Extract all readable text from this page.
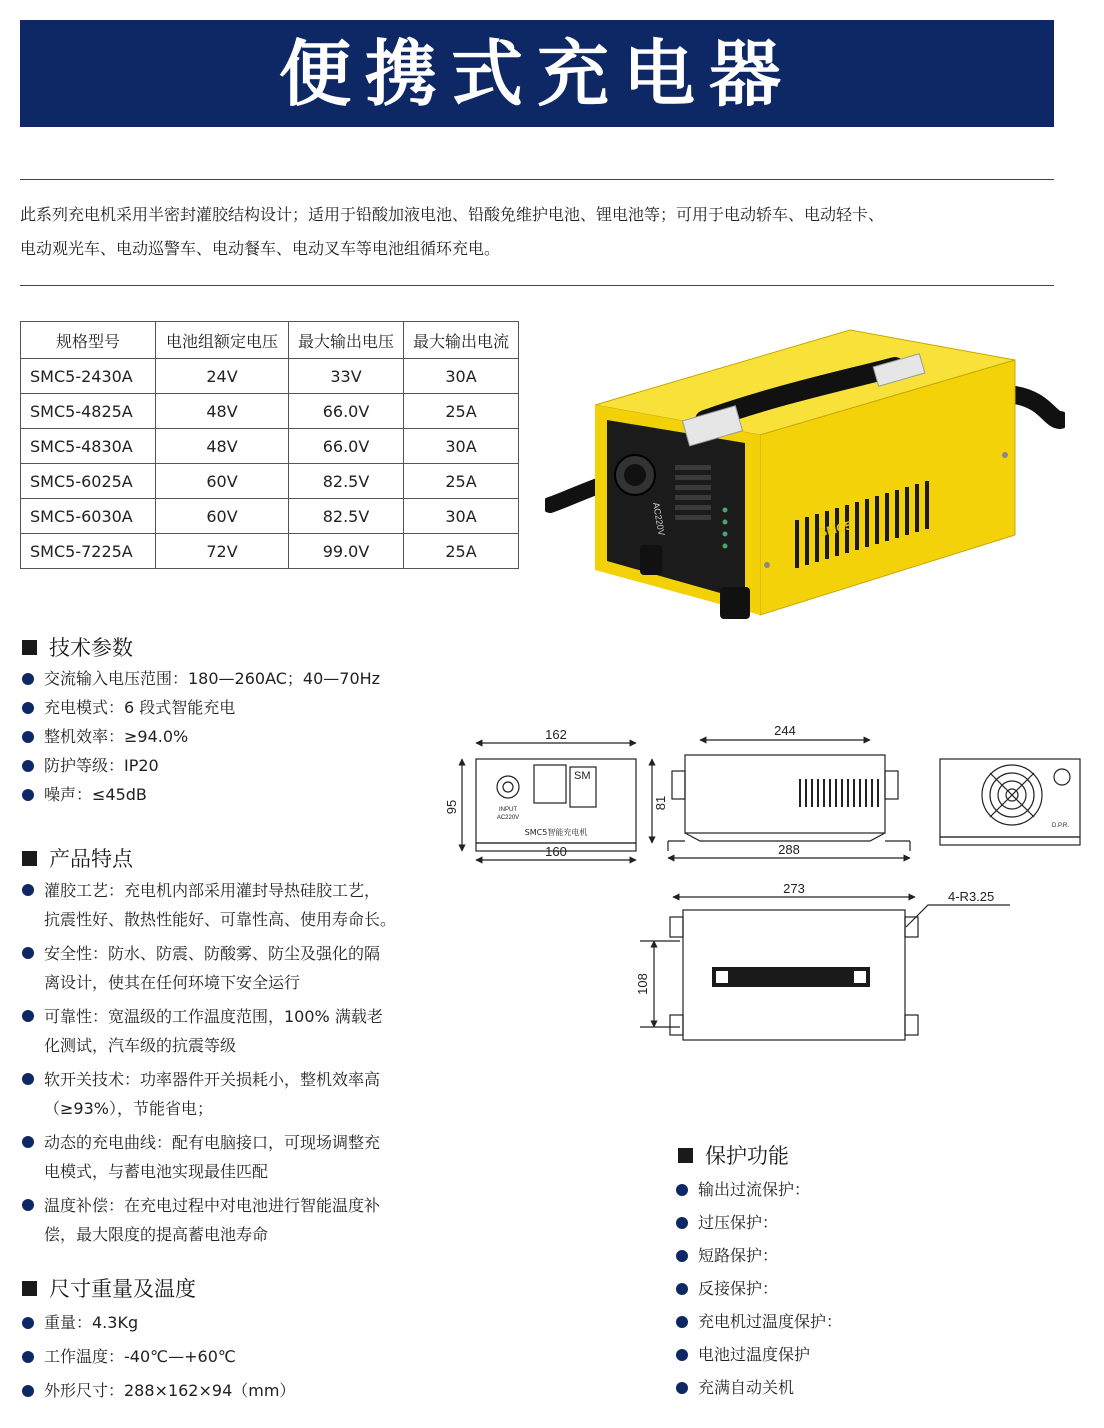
便携式充电器
此系列充电机采用半密封灌胶结构设计；适用于铅酸加液电池、铅酸免维护电池、锂电池等；可用于电动轿车、电动轻卡、
电动观光车、电动巡警车、电动餐车、电动叉车等电池组循环充电。
规格型号	电池组额定电压	最大输出电压	最大输出电流
SMC5-2430A	24V	33V	30A
SMC5-4825A	48V	66.0V	25A
SMC5-4830A	48V	66.0V	30A
SMC5-6025A	60V	82.5V	25A
SMC5-6030A	60V	82.5V	30A
SMC5-7225A	72V	99.0V	25A
AC220V	SMC5
162
160
95	81
INPUT
AC220V
SM
SMC5智能充电机
244
288
D.P.R.
273
108
4-R3.25
技术参数
交流输入电压范围：180—260AC；40—70Hz
充电模式：6 段式智能充电
整机效率：≥94.0%
防护等级：IP20
噪声：≤45dB
产品特点
灌胶工艺：充电机内部采用灌封导热硅胶工艺，
抗震性好、散热性能好、可靠性高、使用寿命长。
安全性：防水、防震、防酸雾、防尘及强化的隔
离设计，使其在任何环境下安全运行
可靠性：宽温级的工作温度范围，100% 满载老
化测试，汽车级的抗震等级
软开关技术：功率器件开关损耗小，整机效率高
（≥93%），节能省电；
动态的充电曲线：配有电脑接口，可现场调整充
电模式，与蓄电池实现最佳匹配
温度补偿：在充电过程中对电池进行智能温度补
偿，最大限度的提高蓄电池寿命
尺寸重量及温度
重量：4.3Kg
工作温度：-40℃—+60℃
外形尺寸：288×162×94（mm）
保护功能
输出过流保护：
过压保护：
短路保护：
反接保护：
充电机过温度保护：
电池过温度保护
充满自动关机
